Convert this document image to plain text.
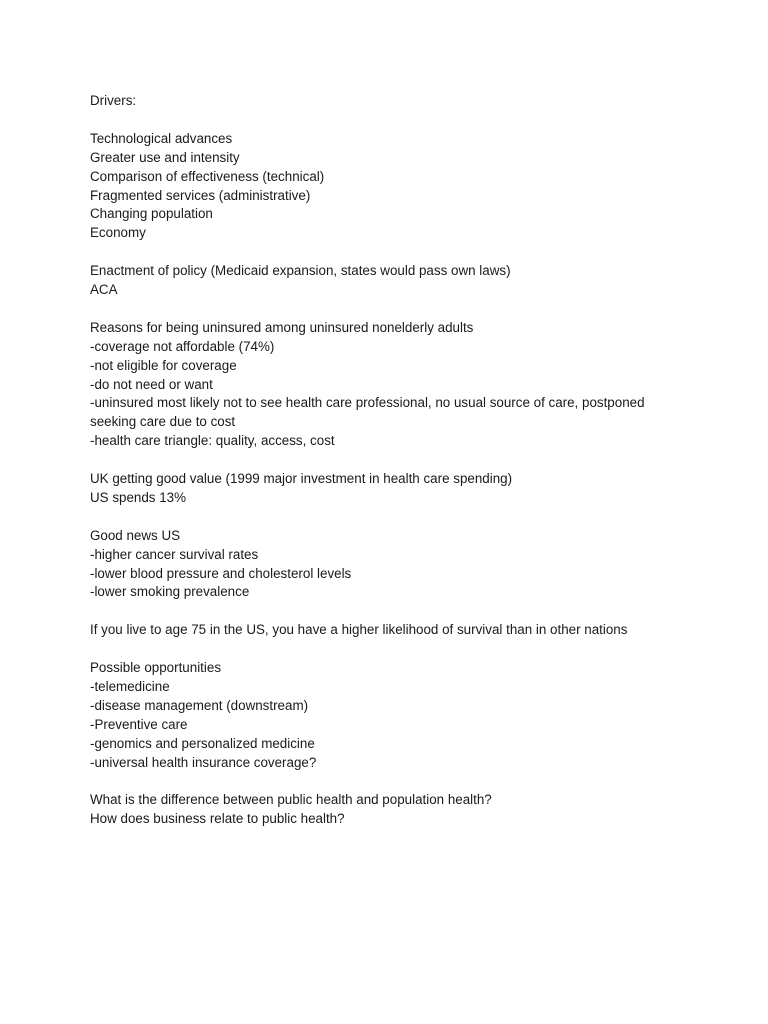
Drivers:

Technological advances

Greater use and intensity

Comparison of effectiveness (technical)

Fragmented services (administrative)

Changing population

Economy

Enactment of policy (Medicaid expansion, states would pass own laws)

ACA

Reasons for being uninsured among uninsured nonelderly adults

-coverage not affordable (74%)

-not eligible for coverage

-do not need or want

-uninsured most likely not to see health care professional, no usual source of care, postponed

seeking care due to cost

-health care triangle: quality, access, cost

UK getting good value (1999 major investment in health care spending)

US spends 13%

Good news US

-higher cancer survival rates

-lower blood pressure and cholesterol levels

-lower smoking prevalence

If you live to age 75 in the US, you have a higher likelihood of survival than in other nations

Possible opportunities

-telemedicine

-disease management (downstream)

-Preventive care

-genomics and personalized medicine

-universal health insurance coverage?

What is the difference between public health and population health?

How does business relate to public health?
